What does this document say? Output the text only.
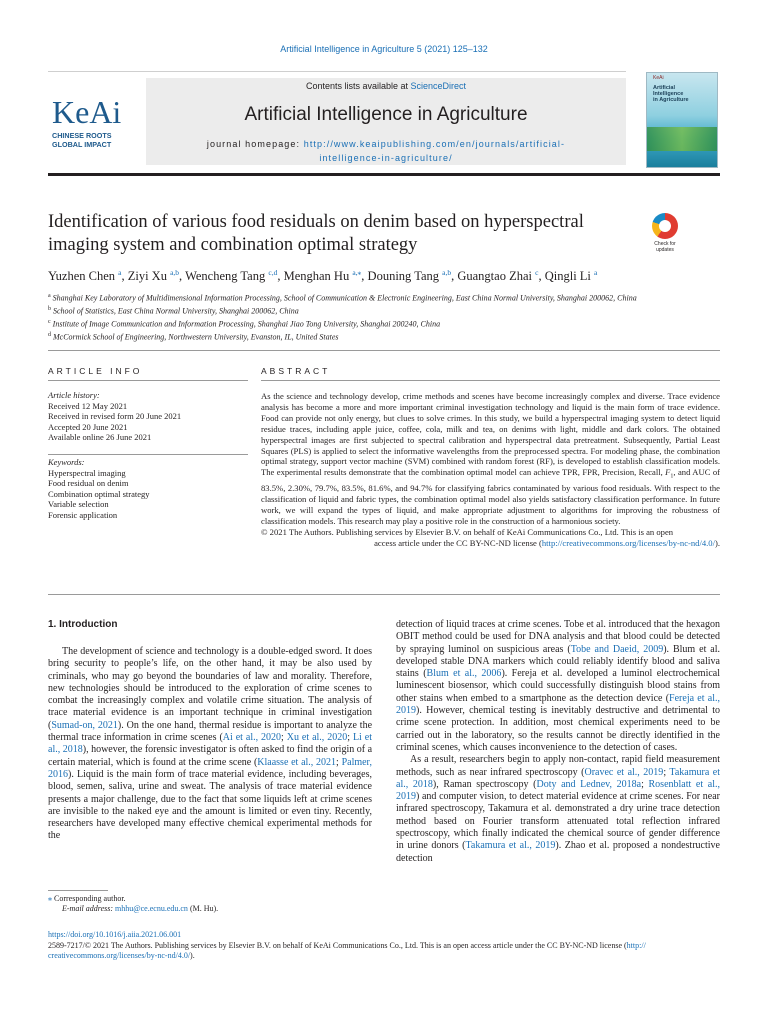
Artificial Intelligence in Agriculture 5 (2021) 125–132
KeAi
CHINESE ROOTS
GLOBAL IMPACT
Contents lists available at ScienceDirect
Artificial Intelligence in Agriculture
journal homepage: http://www.keaipublishing.com/en/journals/artificial-
intelligence-in-agriculture/
KeAi
Artificial
Intelligence
in Agriculture
Identification of various food residuals on denim based on hyperspectral
imaging system and combination optimal strategy	Check for
updates
Yuzhen Chen $^a$, Ziyi Xu $^{a,b}$, Wencheng Tang $^{c,d}$, Menghan Hu $^{a,⁎}$, Douning Tang $^{a,b}$, Guangtao Zhai $^c$, Qingli Li $^a$
$^a$ Shanghai Key Laboratory of Multidimensional Information Processing, School of Communication & Electronic Engineering, East China Normal University, Shanghai 200062, China
$^b$ School of Statistics, East China Normal University, Shanghai 200062, China
$^c$ Institute of Image Communication and Information Processing, Shanghai Jiao Tong University, Shanghai 200240, China
$^d$ McCormick School of Engineering, Northwestern University, Evanston, IL, United States
ARTICLE INFO	ABSTRACT
Article history:
Received 12 May 2021
Received in revised form 20 June 2021
Accepted 20 June 2021
Available online 26 June 2021
Keywords:
Hyperspectral imaging
Food residual on denim
Combination optimal strategy
Variable selection
Forensic application

As the science and technology develop, crime methods and scenes have become increasingly complex and diverse. Trace evidence analysis has become a more and more important criminal investigation technology and liquid is the main form of trace evidence. Food can provide not only energy, but clues to solve crimes. In this study, we build a hyperspectral imaging system to detect liquid residue traces, including apple juice, coffee, cola, milk and tea, on denims with light, middle and dark colors. The obtained hyperspectral images are first subjected to spectral calibration and hyperspectral data pretreatment. Subsequently, Partial Least Squares (PLS) is applied to select the informative wavelengths from the preprocessed spectra. For modeling phase, the combination optimal strategy, support vector machine (SVM) combined with random forest (RF), is developed to establish classification models. The experimental results demonstrate that the combination optimal model can achieve TPR, FPR, Precision, Recall, $F_1$, and AUC of 83.5%, 2.30%, 79.7%, 83.5%, 81.6%, and 94.7% for classifying fabrics contaminated by various food residuals. With respect to the classification of liquid and fabric types, the combination optimal model also yields satisfactory classification performance. In future work, we will expand the types of liquid, and make appropriate adjustment to algorithms for improving the robustness of classification models. This research may play a positive role in the construction of a harmonious society.

© 2021 The Authors. Publishing services by Elsevier B.V. on behalf of KeAi Communications Co., Ltd. This is an open

access article under the CC BY-NC-ND license (http://creativecommons.org/licenses/by-nc-nd/4.0/).

1. Introduction

The development of science and technology is a double-edged sword. It does bring security to people’s life, on the other hand, it may be also used by criminals, who may go beyond the boundaries of law and morality. Therefore, new technologies should be introduced to the exploration of crime scenes to combat the increasingly complex and volatile crime situation. The analysis of trace material evidence is an important technique in criminal investigation (Sumad-on, 2021). On the one hand, thermal residue is important to analyze the thermal trace information in crime scenes (Ai et al., 2020; Xu et al., 2020; Li et al., 2018), however, the forensic investigator is often asked to find the origin of a certain material, which is found at the crime scene (Klaasse et al., 2021; Palmer, 2016). Liquid is the main form of trace material evidence, including beverages, blood, semen, saliva, urine and sweat. The analysis of trace material evidence presents a major challenge, due to the fact that some liquids left at crime scenes are invisible to the naked eye and the amount is limited or even tiny. Recently, researchers have developed many effective chemical experimental methods for the

detection of liquid traces at crime scenes. Tobe et al. introduced that the hexagon OBIT method could be used for DNA analysis and that blood could be detected by spraying luminol on suspicious areas (Tobe and Daeid, 2009). Blum et al. developed stable DNA markers which could reliably identify blood and saliva stains (Blum et al., 2006). Fereja et al. developed a luminol electrochemical luminescent biosensor, which could successfully distinguish blood stains from other stains when embed to a smartphone as the detection device (Fereja et al., 2019). However, chemical testing is inevitably destructive and detrimental to crime scene protection. In addition, most chemical experiments need to be carried out in the laboratory, so the results cannot be directly identified in the criminal scenes, which causes inconvenience to the detection of cases.

As a result, researchers begin to apply non-contact, rapid field measurement methods, such as near infrared spectroscopy (Oravec et al., 2019; Takamura et al., 2018), Raman spectroscopy (Doty and Lednev, 2018a; Rosenblatt et al., 2019) and computer vision, to detect material evidence at crime scenes. For near infrared spectroscopy, Takamura et al. demonstrated a dry urine trace detection method based on Fourier transform attenuated total reflection infrared spectroscopy, which finally indicated the chemical source of gender difference in urine donors (Takamura et al., 2019). Zhao et al. proposed a nondestructive detection

⁎ Corresponding author.
E-mail address: mhhu@ce.ecnu.edu.cn (M. Hu).
https://doi.org/10.1016/j.aiia.2021.06.001
2589-7217/© 2021 The Authors. Publishing services by Elsevier B.V. on behalf of KeAi Communications Co., Ltd. This is an open access article under the CC BY-NC-ND license (http://
creativecommons.org/licenses/by-nc-nd/4.0/).
